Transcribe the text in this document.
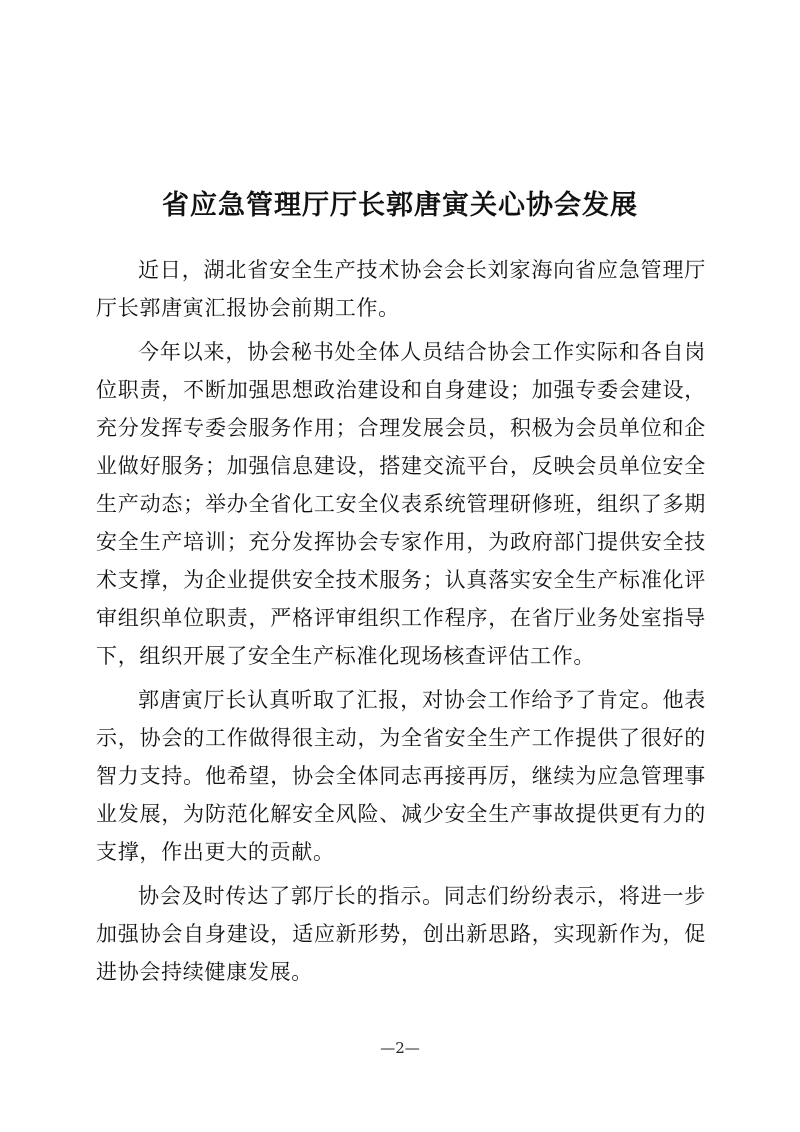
省应急管理厅厅长郭唐寅关心协会发展

近日，湖北省安全生产技术协会会长刘家海向省应急管理厅厅长郭唐寅汇报协会前期工作。

今年以来，协会秘书处全体人员结合协会工作实际和各自岗位职责，不断加强思想政治建设和自身建设；加强专委会建设，充分发挥专委会服务作用；合理发展会员，积极为会员单位和企业做好服务；加强信息建设，搭建交流平台，反映会员单位安全生产动态；举办全省化工安全仪表系统管理研修班，组织了多期安全生产培训；充分发挥协会专家作用，为政府部门提供安全技术支撑，为企业提供安全技术服务；认真落实安全生产标准化评审组织单位职责，严格评审组织工作程序，在省厅业务处室指导下，组织开展了安全生产标准化现场核查评估工作。

郭唐寅厅长认真听取了汇报，对协会工作给予了肯定。他表示，协会的工作做得很主动，为全省安全生产工作提供了很好的智力支持。他希望，协会全体同志再接再厉，继续为应急管理事业发展，为防范化解安全风险、减少安全生产事故提供更有力的支撑，作出更大的贡献。

协会及时传达了郭厅长的指示。同志们纷纷表示，将进一步加强协会自身建设，适应新形势，创出新思路，实现新作为，促进协会持续健康发展。

—2—
